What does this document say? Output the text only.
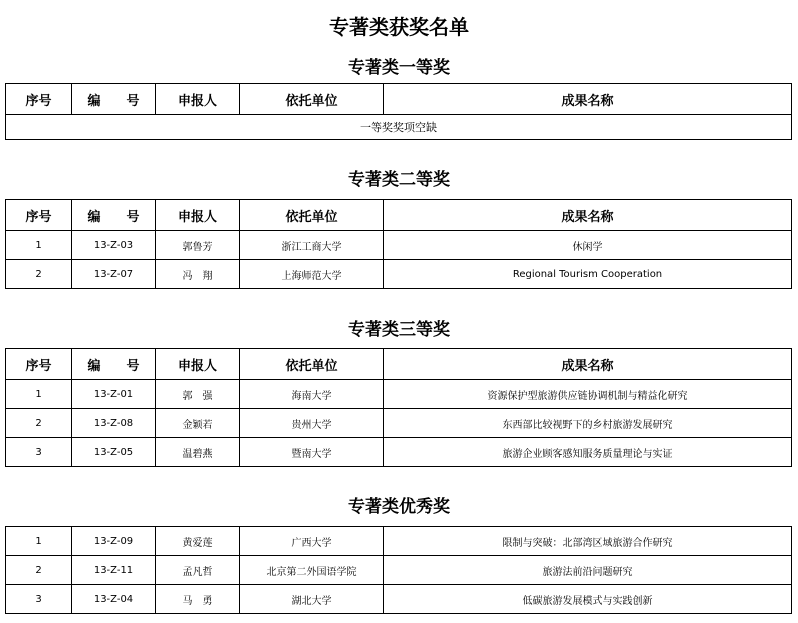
专著类获奖名单
专著类一等奖
序号	编　　号	申报人	依托单位	成果名称
一等奖奖项空缺
专著类二等奖
序号	编　　号	申报人	依托单位	成果名称
1	13-Z-03	郭鲁芳	浙江工商大学	休闲学
2	13-Z-07	冯　翔	上海师范大学	Regional Tourism Cooperation
专著类三等奖
序号	编　　号	申报人	依托单位	成果名称
1	13-Z-01	郭　强	海南大学	资源保护型旅游供应链协调机制与精益化研究
2	13-Z-08	金颖若	贵州大学	东西部比较视野下的乡村旅游发展研究
3	13-Z-05	温碧燕	暨南大学	旅游企业顾客感知服务质量理论与实证
专著类优秀奖
1	13-Z-09	黄爱莲	广西大学	限制与突破：北部湾区域旅游合作研究
2	13-Z-11	孟凡哲	北京第二外国语学院	旅游法前沿问题研究
3	13-Z-04	马　勇	湖北大学	低碳旅游发展模式与实践创新
